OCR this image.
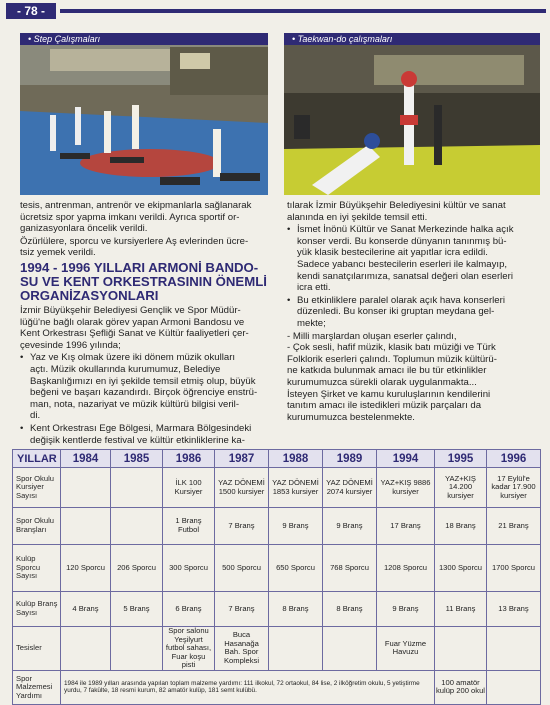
- 78 -
• Step Çalışmaları	• Taekwan-do çalışmaları

tesis, antrenman, antrenör ve ekipmanlarla sağlanarak
ücretsiz spor yapma imkanı verildi. Ayrıca sportif or-
ganizasyonlara öncelik verildi.

Özürlülere, sporcu ve kursiyerlere Aş evlerinden ücre-
tsiz yemek verildi.

1994 - 1996 YILLARI ARMONİ BANDO-
SU VE KENT ORKESTRASININ ÖNEMLİ
ORGANİZASYONLARI

İzmir Büyükşehir Belediyesi Gençlik ve Spor Müdür-
lüğü'ne bağlı olarak görev yapan Armoni Bandosu ve
Kent Orkestrası Şefliği Sanat ve Kültür faaliyetleri çer-
çevesinde 1996 yılında;

• Yaz ve Kış olmak üzere iki dönem müzik okulları
açtı. Müzik okullarında kurumumuz, Belediye
Başkanlığımızı en iyi şekilde temsil etmiş olup, büyük
beğeni ve başarı kazandırdı. Birçok öğrenciye enstrü-
man, nota, nazariyat ve müzik kültürü bilgisi veril-
di.
• Kent Orkestrası Ege Bölgesi, Marmara Bölgesindeki
değişik kentlerde festival ve kültür etkinliklerine ka-

tılarak İzmir Büyükşehir Belediyesini kültür ve sanat
alanında en iyi şekilde temsil etti.

• İsmet İnönü Kültür ve Sanat Merkezinde halka açık
konser verdi. Bu konserde dünyanın tanınmış bü-
yük klasik bestecilerine ait yapıtlar icra edildi.
Sadece yabancı bestecilerin eserleri ile kalmayıp,
kendi sanatçılarımıza, sanatsal değeri olan eserleri
icra etti.
• Bu etkinliklere paralel olarak açık hava konserleri
düzenledi. Bu konser iki gruptan meydana gel-
mekte;

- Milli marşlardan oluşan eserler çalındı,
- Çok sesli, hafif müzik, klasik batı müziği ve Türk
Folklorik eserleri çalındı. Toplumun müzik kültürü-
ne katkıda bulunmak amacı ile bu tür etkinlikler
kurumumuzca sürekli olarak uygulanmakta...
İsteyen Şirket ve kamu kuruluşlarının kendilerini
tanıtım amacı ile istedikleri müzik parçaları da
kurumumuzca bestelenmekte.

YILLAR	1984	1985	1986	1987	1988	1989	1994	1995	1996
Spor Okulu Kursiyer Sayısı			İLK 100 Kursiyer	YAZ DÖNEMİ 1500 kursiyer	YAZ DÖNEMİ 1853 kursiyer	YAZ DÖNEMİ 2074 kursiyer	YAZ+KIŞ 9886 kursiyer	YAZ+KIŞ 14.200 kursiyer	17 Eylül'e kadar 17.900 kursiyer
Spor Okulu Branşları			1 Branş Futbol	7 Branş	9 Branş	9 Branş	17 Branş	18 Branş	21 Branş
Kulüp Sporcu Sayısı	120 Sporcu	206 Sporcu	300 Sporcu	500 Sporcu	650 Sporcu	768 Sporcu	1208 Sporcu	1300 Sporcu	1700 Sporcu
Kulüp Branş Sayısı	4 Branş	5 Branş	6 Branş	7 Branş	8 Branş	8 Branş	9 Branş	11 Branş	13 Branş
Tesisler			Spor salonu Yeşilyurt futbol sahası, Fuar koşu pisti	Buca Hasanağa Bah. Spor Kompleksi			Fuar Yüzme Havuzu		
Spor Malzemesi Yardımı	1984 ile 1989 yılları arasında yapılan toplam malzeme yardımı: 111 ilkokul, 72 ortaokul, 84 lise, 2 ilköğretim okulu, 5 yetiştirme yurdu, 7 fakülte, 18 resmi kurum, 82 amatör kulüp, 181 semt kulübü.							100 amatör kulüp 200 okul	
